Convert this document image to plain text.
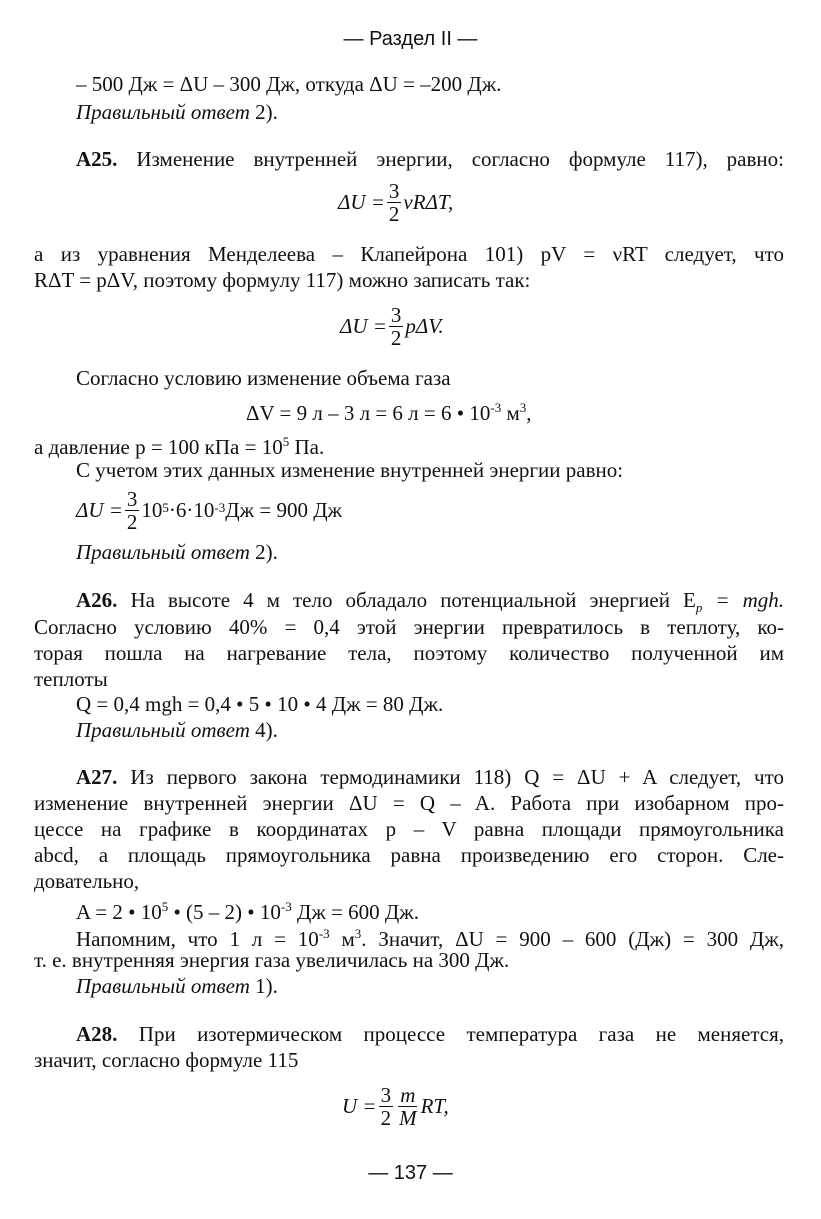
— Раздел II —
– 500 Дж = ΔU – 300 Дж, откуда ΔU = –200 Дж.
Правильный ответ 2).
А25. Изменение внутренней энергии, согласно формуле 117), равно:
$\Delta U = \frac{3}{2} \nu R\Delta T$,
а из уравнения Менделеева – Клапейрона 101) pV = νRT следует, что
RΔT = pΔV, поэтому формулу 117) можно записать так:
$\Delta U = \frac{3}{2} p\Delta V$.
Согласно условию изменение объема газа
ΔV = 9 л – 3 л = 6 л = 6 • $10^{-3}$ $м^3$,
а давление p = 100 кПа = $10^5$ Па.
С учетом этих данных изменение внутренней энергии равно:
$\Delta U = \frac{3}{2} 10$ 5 ·6·10 -3 Дж = 900 Дж
Правильный ответ 2).
А26. На высоте 4 м тело обладало потенциальной энергией $E_p$ = mgh.
Согласно условию 40% = 0,4 этой энергии превратилось в теплоту, ко-
торая пошла на нагревание тела, поэтому количество полученной им
теплоты
Q = 0,4 mgh = 0,4 • 5 • 10 • 4 Дж = 80 Дж.
Правильный ответ 4).
А27. Из первого закона термодинамики 118) Q = ΔU + A следует, что
изменение внутренней энергии ΔU = Q – A. Работа при изобарном про-
цессе на графике в координатах p – V равна площади прямоугольника
abcd, а площадь прямоугольника равна произведению его сторон. Сле-
довательно,
A = 2 • $10^5$ • (5 – 2) • $10^{-3}$ Дж = 600 Дж.
Напомним, что 1 $л = 10^{-3}$ $м^3$. Значит, ΔU = 900 – 600 (Дж) = 300 Дж,
т. е. внутренняя энергия газа увеличилась на 300 Дж.
Правильный ответ 1).
А28. При изотермическом процессе температура газа не меняется,
значит, согласно формуле 115
$U = \frac{3}{2} \frac{m}{M}$ RT,
— 137 —
